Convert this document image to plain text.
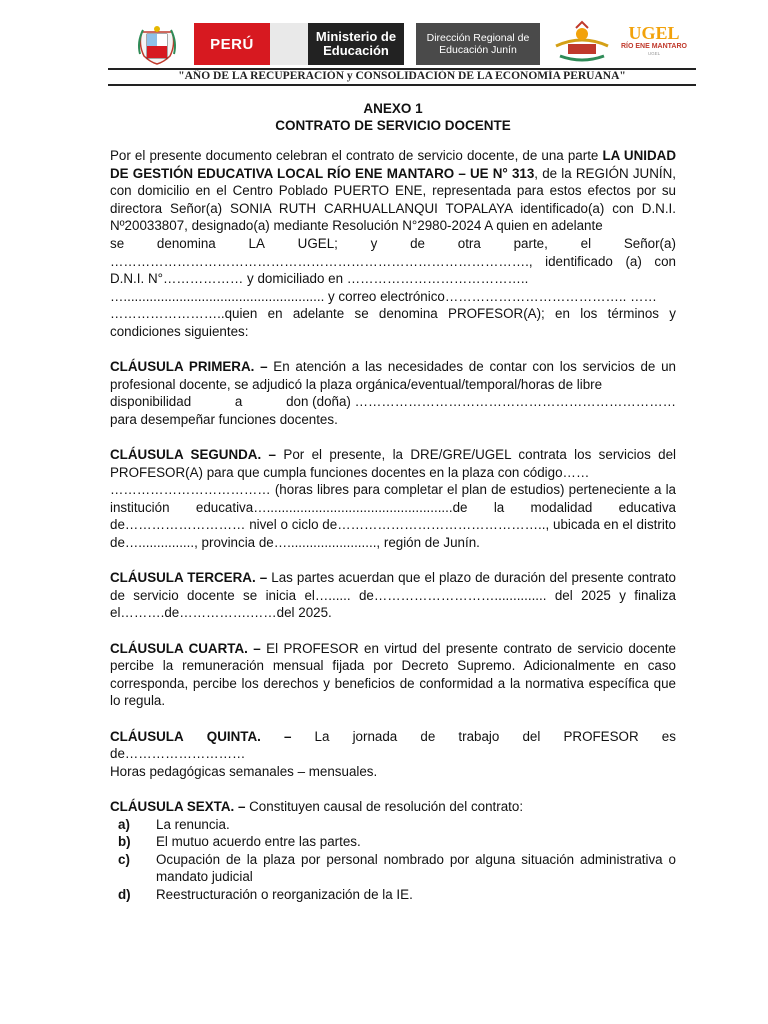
PERÚ	Ministerio de Educación
Dirección Regional de Educación Junín
UGEL
RÍO ENE MANTARO
UGEL
"AÑO DE LA RECUPERACIÓN y CONSOLIDACIÓN DE LA ECONOMÍA PERUANA"
ANEXO 1
CONTRATO DE SERVICIO DOCENTE

Por el presente documento celebran el contrato de servicio docente, de una parte LA UNIDAD DE GESTIÓN EDUCATIVA LOCAL RÍO ENE MANTARO – UE N° 313, de la REGIÓN JUNÍN, con domicilio en el Centro Poblado PUERTO ENE, representada para estos efectos por su directora Señor(a) SONIA RUTH CARHUALLANQUI TOPALAYA identificado(a) con D.N.I. Nº20033807, designado(a) mediante Resolución N°2980-2024 A quien en adelante

se denomina LA UGEL; y de otra parte, el Señor(a)

…………………………………………………………………………………., identificado (a) con D.N.I. N°……………… y domiciliado en …………………………………..

…...................................................... y correo electrónico………………………………….. ……

……………………..quien en adelante se denomina PROFESOR(A); en los términos y condiciones siguientes:

CLÁUSULA PRIMERA. – En atención a las necesidades de contar con los servicios de un profesional docente, se adjudicó la plaza orgánica/eventual/temporal/horas de libre

disponibilidad	a	don (doña) ………………………………………………………………

para desempeñar funciones docentes.

CLÁUSULA SEGUNDA. – Por el presente, la DRE/GRE/UGEL contrata los servicios del PROFESOR(A) para que cumpla funciones docentes en la plaza con código……

……………………………… (horas libres para completar el plan de estudios) perteneciente a la institución educativa…..................................................de la modalidad educativa de……………………… nivel o ciclo de……………………………………….., ubicada en el distrito de…..............., provincia de…........................, región de Junín.

CLÁUSULA TERCERA. – Las partes acuerdan que el plazo de duración del presente contrato de servicio docente se inicia el…...... de……………………….............. del 2025 y finaliza el……….de…………….……del 2025.

CLÁUSULA CUARTA. – El PROFESOR en virtud del presente contrato de servicio docente percibe la remuneración mensual fijada por Decreto Supremo. Adicionalmente en caso corresponda, percibe los derechos y beneficios de conformidad a la normativa específica que lo regula.

CLÁUSULA QUINTA. – La jornada de trabajo del PROFESOR es

de………………………

Horas pedagógicas semanales – mensuales.

CLÁUSULA SEXTA. – Constituyen causal de resolución del contrato:

a)	La renuncia.
b)	El mutuo acuerdo entre las partes.
c)	Ocupación de la plaza por personal nombrado por alguna situación administrativa o mandato judicial
d)	Reestructuración o reorganización de la IE.
